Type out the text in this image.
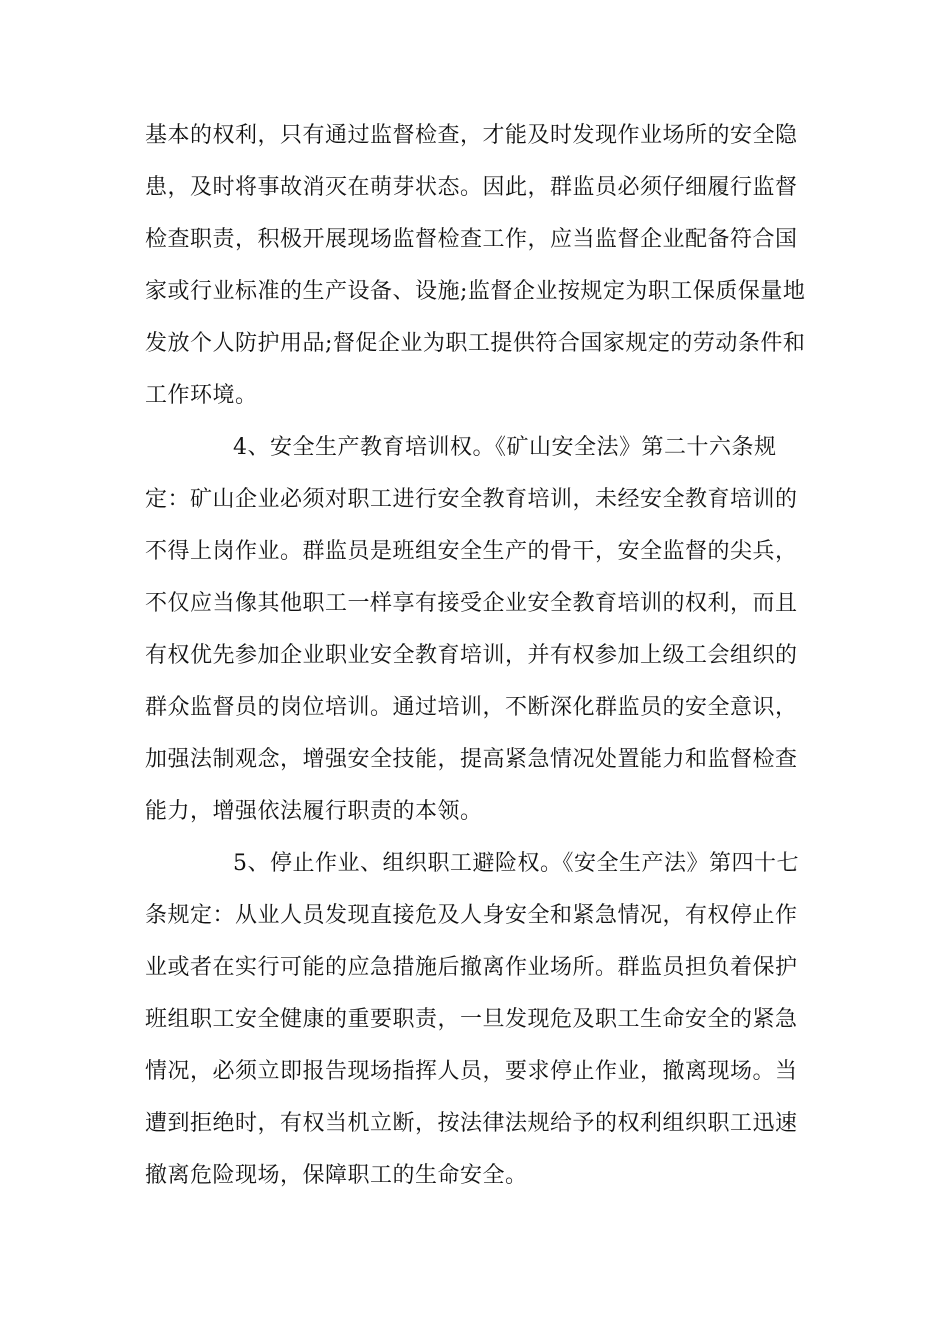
基本的权利，只有通过监督检查，才能及时发现作业场所的安全隐
患，及时将事故消灭在萌芽状态。因此，群监员必须仔细履行监督
检查职责，积极开展现场监督检查工作，应当监督企业配备符合国
家或行业标准的生产设备、设施;监督企业按规定为职工保质保量地
发放个人防护用品;督促企业为职工提供符合国家规定的劳动条件和
工作环境。
4、安全生产教育培训权。《矿山安全法》第二十六条规
定：矿山企业必须对职工进行安全教育培训，未经安全教育培训的
不得上岗作业。群监员是班组安全生产的骨干，安全监督的尖兵，
不仅应当像其他职工一样享有接受企业安全教育培训的权利，而且
有权优先参加企业职业安全教育培训，并有权参加上级工会组织的
群众监督员的岗位培训。通过培训，不断深化群监员的安全意识，
加强法制观念，增强安全技能，提高紧急情况处置能力和监督检查
能力，增强依法履行职责的本领。
5、停止作业、组织职工避险权。《安全生产法》第四十七
条规定：从业人员发现直接危及人身安全和紧急情况，有权停止作
业或者在实行可能的应急措施后撤离作业场所。群监员担负着保护
班组职工安全健康的重要职责，一旦发现危及职工生命安全的紧急
情况，必须立即报告现场指挥人员，要求停止作业，撤离现场。当
遭到拒绝时，有权当机立断，按法律法规给予的权利组织职工迅速
撤离危险现场，保障职工的生命安全。
